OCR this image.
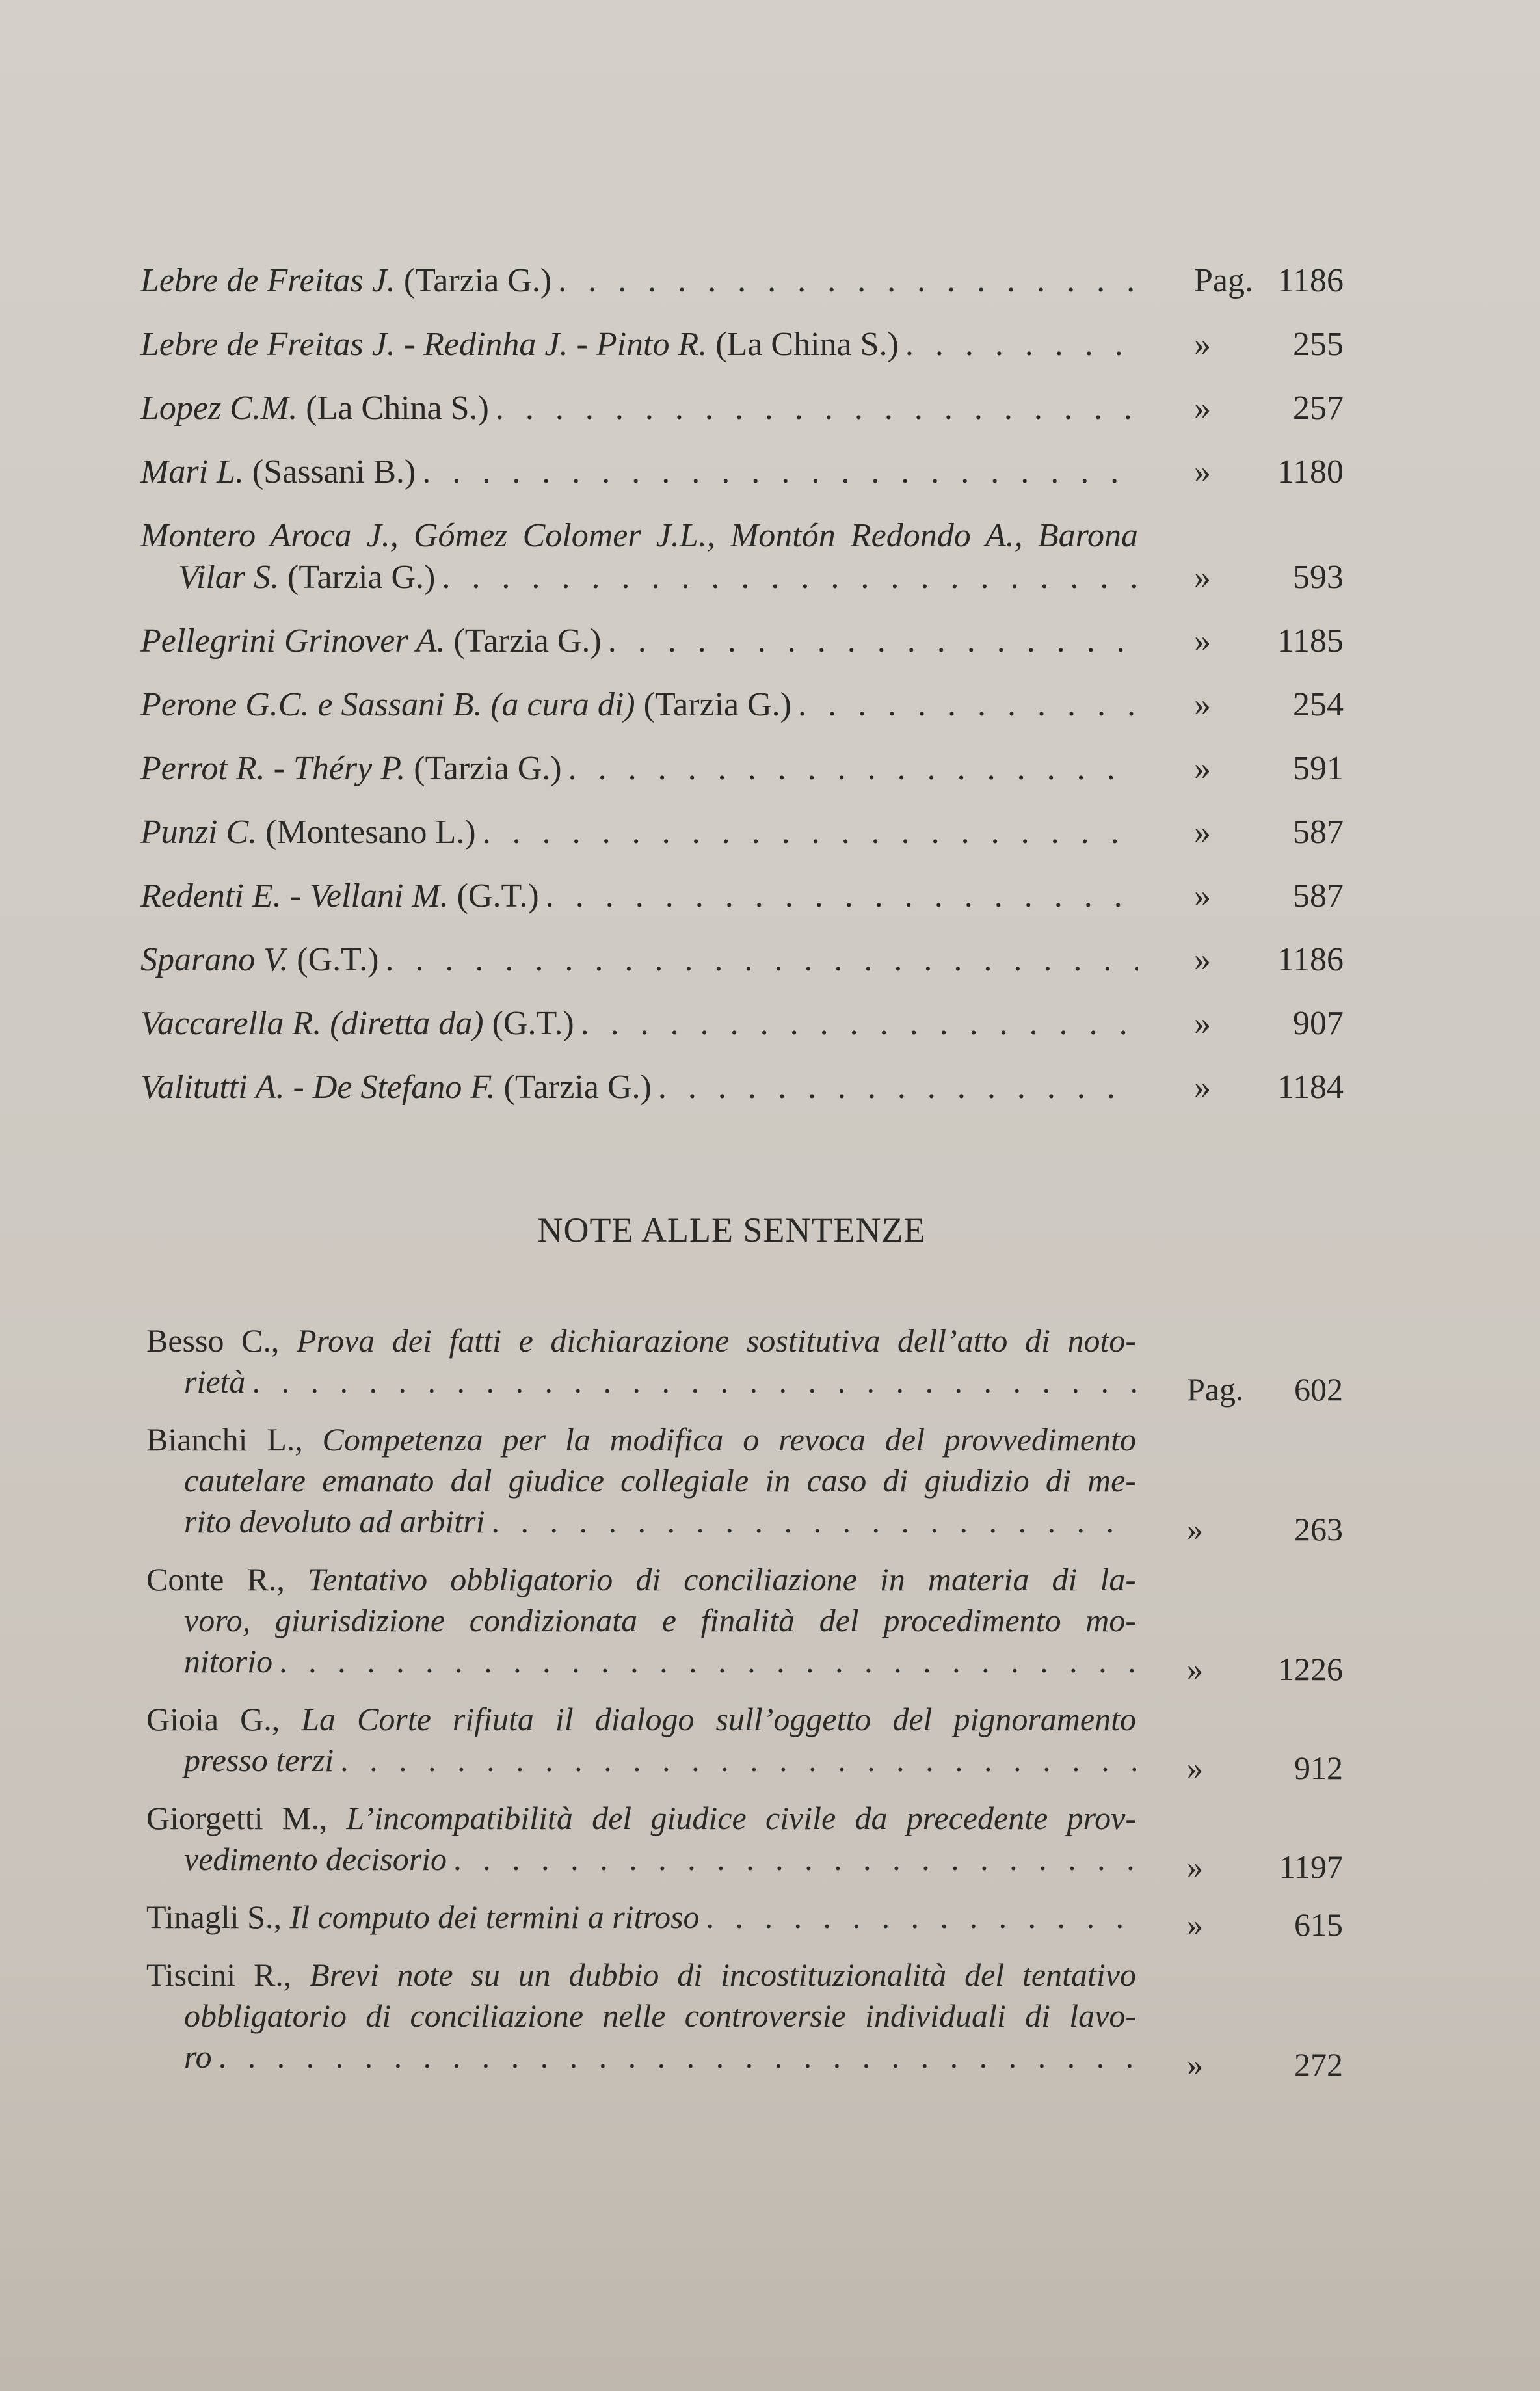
Lebre de Freitas J. (Tarzia G.) . . .	Pag. 1186
Lebre de Freitas J. - Redinha J. - Pinto R. (La China S.) . . .	» 255
Lopez C.M. (La China S.) . . .	» 257
Mari L. (Sassani B.) . . .	» 1180
Montero Aroca J., Gómez Colomer J.L., Montón Redondo A., Barona
Vilar S. (Tarzia G.) . . .	» 593
Pellegrini Grinover A. (Tarzia G.) . . .	» 1185
Perone G.C. e Sassani B. (a cura di) (Tarzia G.) . . .	» 254
Perrot R. - Théry P. (Tarzia G.) . . .	» 591
Punzi C. (Montesano L.) . . .	» 587
Redenti E. - Vellani M. (G.T.) . . .	» 587
Sparano V. (G.T.) . . .	» 1186
Vaccarella R. (diretta da) (G.T.) . . .	» 907
Valitutti A. - De Stefano F. (Tarzia G.) . . .	» 1184
NOTE ALLE SENTENZE
Besso C., Prova dei fatti e dichiarazione sostitutiva dell’atto di noto-
rietà . . .	Pag. 602
Bianchi L., Competenza per la modifica o revoca del provvedimento
cautelare emanato dal giudice collegiale in caso di giudizio di me-
rito devoluto ad arbitri . . .	»	263
Conte R., Tentativo obbligatorio di conciliazione in materia di la-
voro, giurisdizione condizionata e finalità del procedimento mo-
nitorio . . .	» 1226
Gioia G., La Corte rifiuta il dialogo sull’oggetto del pignoramento
presso terzi . . .	»	912
Giorgetti M., L’incompatibilità del giudice civile da precedente prov-
vedimento decisorio . . .	» 1197
Tinagli S., Il computo dei termini a ritroso . . .	»	615
Tiscini R., Brevi note su un dubbio di incostituzionalità del tentativo
obbligatorio di conciliazione nelle controversie individuali di lavo-
ro . . .	»	272
